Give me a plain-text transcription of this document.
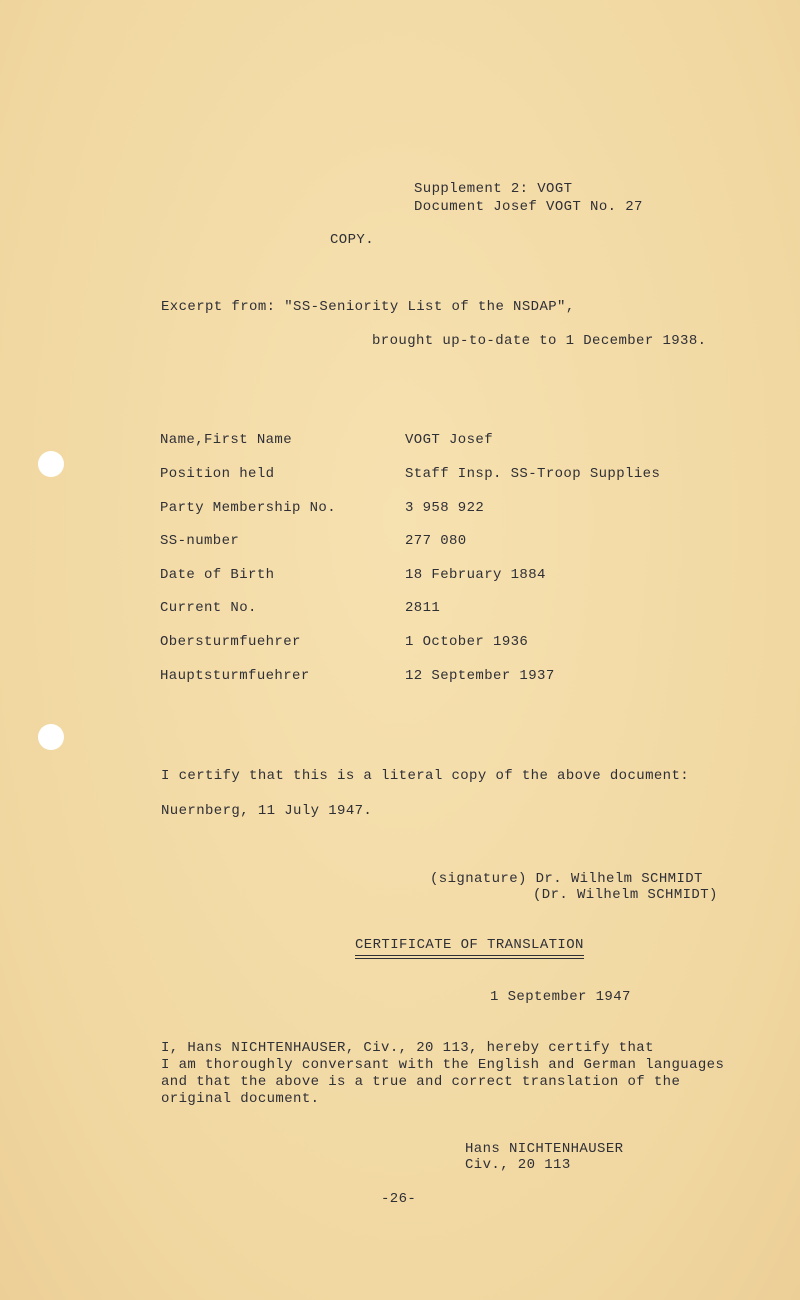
Supplement 2: VOGT
Document Josef VOGT No. 27
COPY.
Excerpt from: "SS-Seniority List of the NSDAP",
brought up-to-date to 1 December 1938.
Name,First Name	VOGT Josef
Position held	Staff Insp. SS-Troop Supplies
Party Membership No.	3 958 922
SS-number	277 080
Date of Birth	18 February 1884
Current No.	2811
Obersturmfuehrer	1 October 1936
Hauptsturmfuehrer	12 September 1937
I certify that this is a literal copy of the above document:
Nuernberg, 11 July 1947.
(signature) Dr. Wilhelm SCHMIDT
(Dr. Wilhelm SCHMIDT)
CERTIFICATE OF TRANSLATION
1 September 1947
I, Hans NICHTENHAUSER, Civ., 20 113, hereby certify that
I am thoroughly conversant with the English and German languages
and that the above is a true and correct translation of the
original document.
Hans NICHTENHAUSER
Civ., 20 113
-26-
